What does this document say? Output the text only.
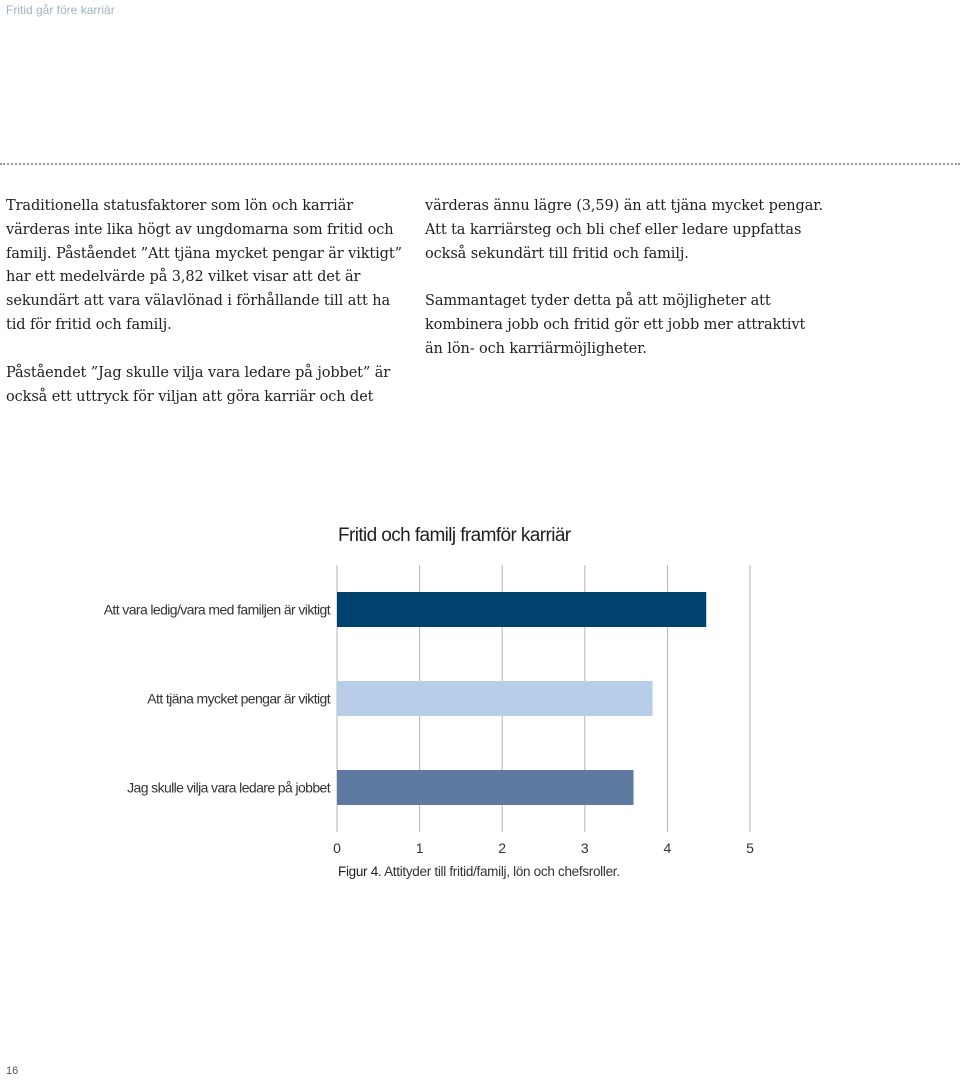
Fritid går före karriär

Traditionella statusfaktorer som lön och karriär värderas inte lika högt av ungdomarna som fritid och familj. Påståendet ”Att tjäna mycket pengar är viktigt” har ett medelvärde på 3,82 vilket visar att det är sekundärt att vara välavlönad i förhållande till att ha tid för fritid och familj.

Påståendet ”Jag skulle vilja vara ledare på jobbet” är också ett uttryck för viljan att göra karriär och det

värderas ännu lägre (3,59) än att tjäna mycket pengar. Att ta karriärsteg och bli chef eller ledare uppfattas också sekundärt till fritid och familj.

Sammantaget tyder detta på att möjligheter att kombinera jobb och fritid gör ett jobb mer attraktivt än lön- och karriärmöjligheter.

Fritid och familj framför karriär
0	1	2	3	4	5
Att vara ledig/vara med familjen är viktigt
Att tjäna mycket pengar är viktigt
Jag skulle vilja vara ledare på jobbet
Figur 4. Attityder till fritid/familj, lön och chefsroller.
16
